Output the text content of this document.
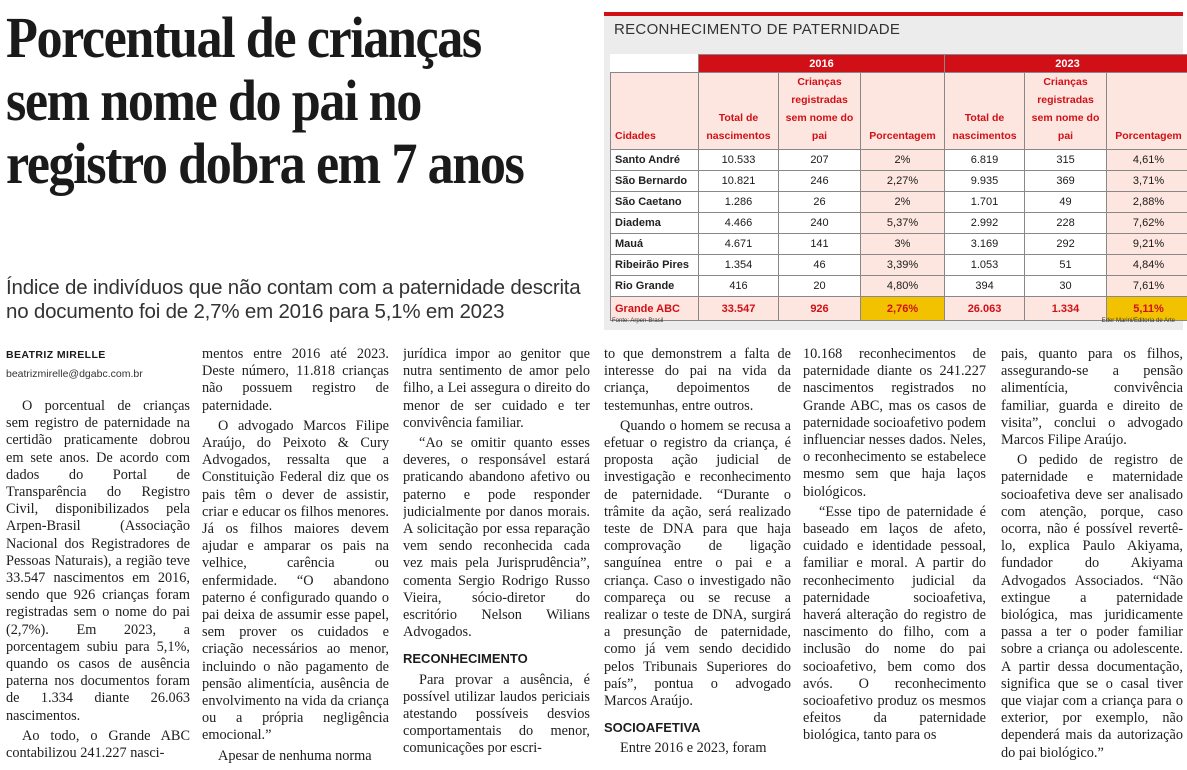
Porcentual de crianças
sem nome do pai no
registro dobra em 7 anos
Índice de indivíduos que não contam com a paternidade descrita no documento foi de 2,7% em 2016 para 5,1% em 2023
RECONHECIMENTO DE PATERNIDADE
	2016			2023		
Cidades	Total de nascimentos	Crianças registradas sem nome do pai	Porcentagem	Total de nascimentos	Crianças registradas sem nome do pai	Porcentagem
Santo André	10.533	207	2%	6.819	315	4,61%
São Bernardo	10.821	246	2,27%	9.935	369	3,71%
São Caetano	1.286	26	2%	1.701	49	2,88%
Diadema	4.466	240	5,37%	2.992	228	7,62%
Mauá	4.671	141	3%	3.169	292	9,21%
Ribeirão Pires	1.354	46	3,39%	1.053	51	4,84%
Rio Grande	416	20	4,80%	394	30	7,61%
Grande ABC	33.547	926	2,76%	26.063	1.334	5,11%
Fonte: Arpen-Brasil	Eder Marini/Editoria de Arte
BEATRIZ MIRELLE
beatrizmirelle@dgabc.com.br

O porcentual de crianças sem registro de paternidade na certidão praticamente dobrou em sete anos. De acordo com dados do Portal de Transparência do Registro Civil, disponibilizados pela Arpen-Brasil (Associação Nacional dos Registradores de Pessoas Naturais), a região teve 33.547 nascimentos em 2016, sendo que 926 crianças foram registradas sem o nome do pai (2,7%). Em 2023, a porcentagem subiu para 5,1%, quando os casos de ausência paterna nos documentos foram de 1.334 diante 26.063 nascimentos.

Ao todo, o Grande ABC contabilizou 241.227 nasci-

mentos entre 2016 até 2023. Deste número, 11.818 crianças não possuem registro de paternidade.

O advogado Marcos Filipe Araújo, do Peixoto & Cury Advogados, ressalta que a Constituição Federal diz que os pais têm o dever de assistir, criar e educar os filhos menores. Já os filhos maiores devem ajudar e amparar os pais na velhice, carência ou enfermidade. “O abandono paterno é configurado quando o pai deixa de assumir esse papel, sem prover os cuidados e criação necessários ao menor, incluindo o não pagamento de pensão alimentícia, ausência de envolvimento na vida da criança ou a própria negligência emocional.”

Apesar de nenhuma norma

jurídica impor ao genitor que nutra sentimento de amor pelo filho, a Lei assegura o direito do menor de ser cuidado e ter convivência familiar.

“Ao se omitir quanto esses deveres, o responsável estará praticando abandono afetivo ou paterno e pode responder judicialmente por danos morais. A solicitação por essa reparação vem sendo reconhecida cada vez mais pela Jurisprudência”, comenta Sergio Rodrigo Russo Vieira, sócio-diretor do escritório Nelson Wilians Advogados.

RECONHECIMENTO

Para provar a ausência, é possível utilizar laudos periciais atestando possíveis desvios comportamentais do menor, comunicações por escri-

to que demonstrem a falta de interesse do pai na vida da criança, depoimentos de testemunhas, entre outros.

Quando o homem se recusa a efetuar o registro da criança, é proposta ação judicial de investigação e reconhecimento de paternidade. “Durante o trâmite da ação, será realizado teste de DNA para que haja comprovação de ligação sanguínea entre o pai e a criança. Caso o investigado não compareça ou se recuse a realizar o teste de DNA, surgirá a presunção de paternidade, como já vem sendo decidido pelos Tribunais Superiores do país”, pontua o advogado Marcos Araújo.

SOCIOAFETIVA

Entre 2016 e 2023, foram

10.168 reconhecimentos de paternidade diante os 241.227 nascimentos registrados no Grande ABC, mas os casos de paternidade socioafetivo podem influenciar nesses dados. Neles, o reconhecimento se estabelece mesmo sem que haja laços biológicos.

“Esse tipo de paternidade é baseado em laços de afeto, cuidado e identidade pessoal, familiar e moral. A partir do reconhecimento judicial da paternidade socioafetiva, haverá alteração do registro de nascimento do filho, com a inclusão do nome do pai socioafetivo, bem como dos avós. O reconhecimento socioafetivo produz os mesmos efeitos da paternidade biológica, tanto para os

pais, quanto para os filhos, assegurando-se a pensão alimentícia, convivência familiar, guarda e direito de visita”, conclui o advogado Marcos Filipe Araújo.

O pedido de registro de paternidade e maternidade socioafetiva deve ser analisado com atenção, porque, caso ocorra, não é possível revertê-lo, explica Paulo Akiyama, fundador do Akiyama Advogados Associados. “Não extingue a paternidade biológica, mas juridicamente passa a ter o poder familiar sobre a criança ou adolescente. A partir dessa documentação, significa que se o casal tiver que viajar com a criança para o exterior, por exemplo, não dependerá mais da autorização do pai biológico.”
